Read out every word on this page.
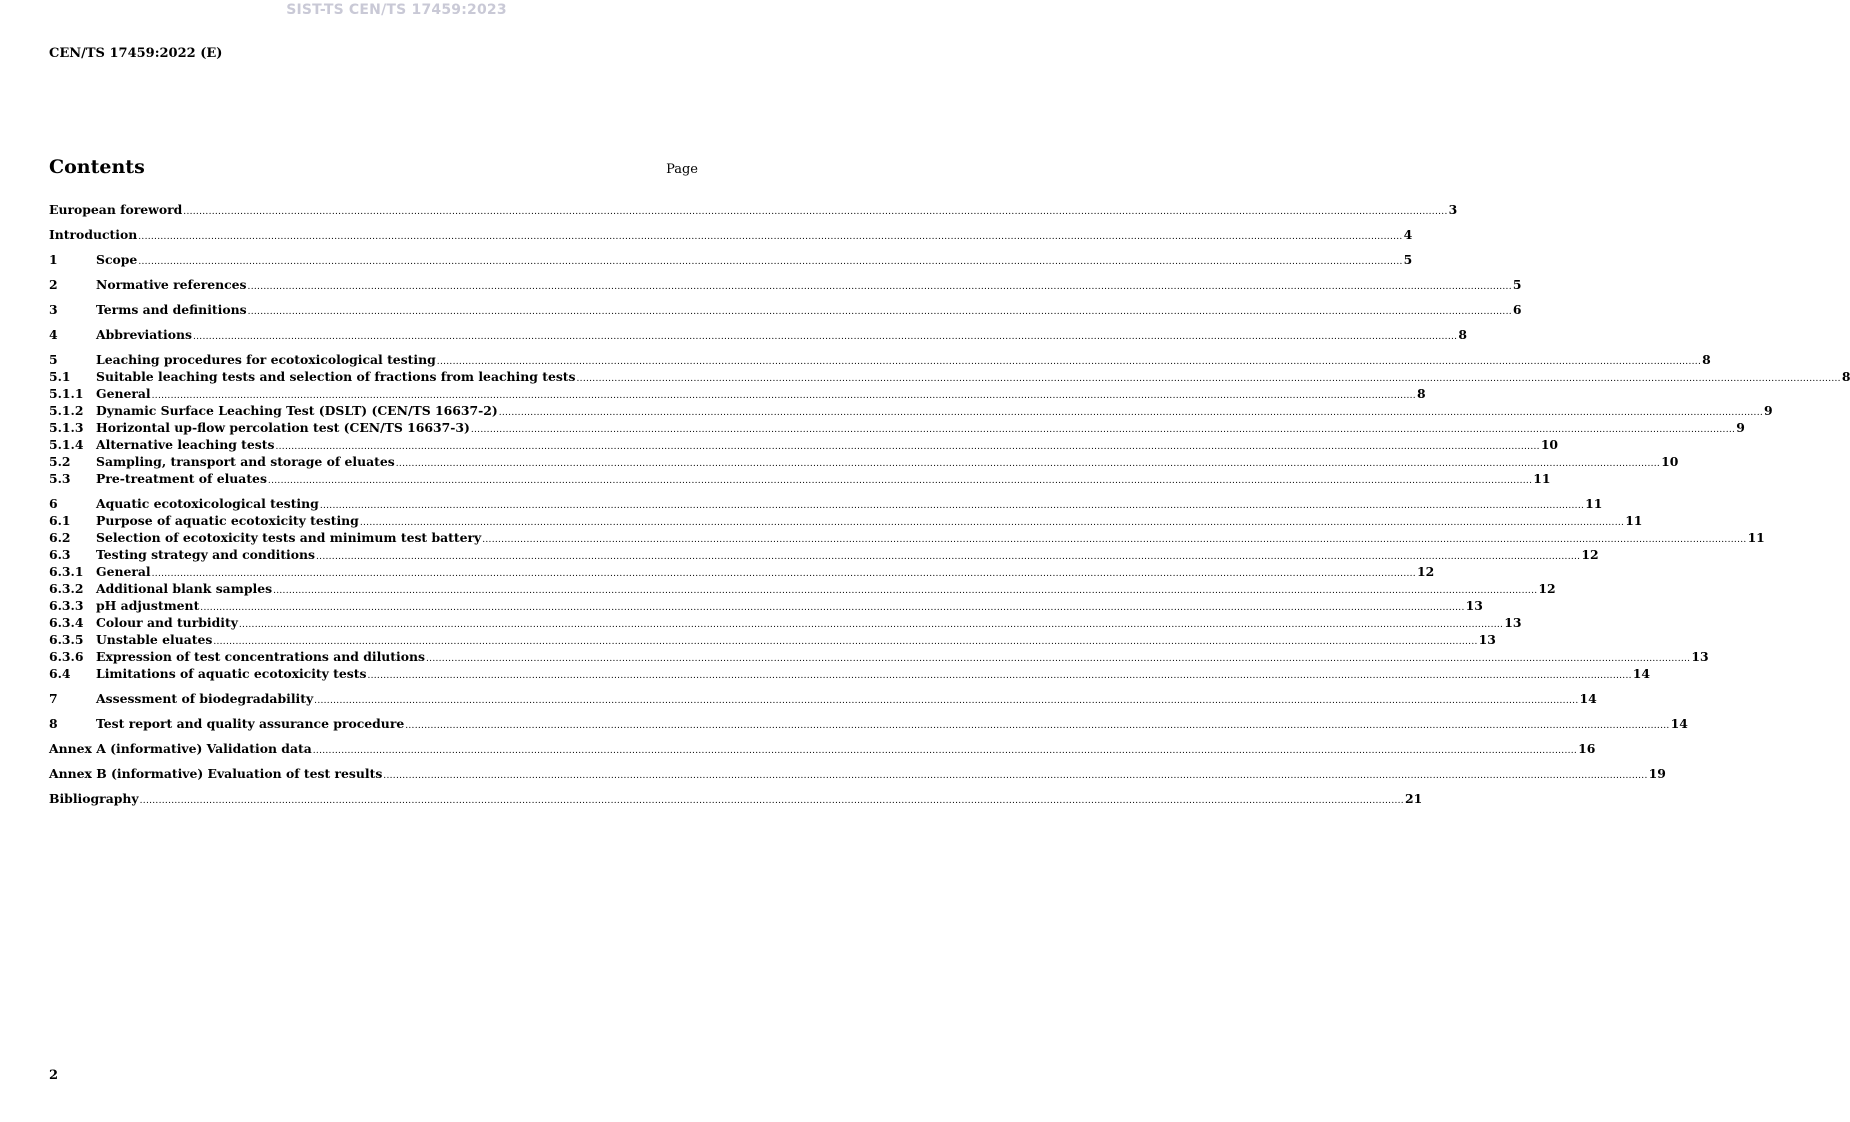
SIST-TS CEN/TS 17459:2023
CEN/TS 17459:2022 (E)
Contents	Page
European foreword ................................................................................................................................................................................................................................................................................................................................................................................................................ 3
Introduction ................................................................................................................................................................................................................................................................................................................................................................................................................ 4
1	Scope ................................................................................................................................................................................................................................................................................................................................................................................................................ 5
2	Normative references ................................................................................................................................................................................................................................................................................................................................................................................................................ 5
3	Terms and definitions ................................................................................................................................................................................................................................................................................................................................................................................................................ 6
4	Abbreviations ................................................................................................................................................................................................................................................................................................................................................................................................................ 8
5	Leaching procedures for ecotoxicological testing ................................................................................................................................................................................................................................................................................................................................................................................................................ 8
5.1	Suitable leaching tests and selection of fractions from leaching tests ................................................................................................................................................................................................................................................................................................................................................................................................................ 8
5.1.1	General ................................................................................................................................................................................................................................................................................................................................................................................................................ 8
5.1.2	Dynamic Surface Leaching Test (DSLT) (CEN/TS 16637-2) ................................................................................................................................................................................................................................................................................................................................................................................................................ 9
5.1.3	Horizontal up-flow percolation test (CEN/TS 16637-3) ................................................................................................................................................................................................................................................................................................................................................................................................................ 9
5.1.4	Alternative leaching tests ................................................................................................................................................................................................................................................................................................................................................................................................................ 10
5.2	Sampling, transport and storage of eluates ................................................................................................................................................................................................................................................................................................................................................................................................................ 10
5.3	Pre-treatment of eluates ................................................................................................................................................................................................................................................................................................................................................................................................................ 11
6	Aquatic ecotoxicological testing ................................................................................................................................................................................................................................................................................................................................................................................................................ 11
6.1	Purpose of aquatic ecotoxicity testing ................................................................................................................................................................................................................................................................................................................................................................................................................ 11
6.2	Selection of ecotoxicity tests and minimum test battery ................................................................................................................................................................................................................................................................................................................................................................................................................ 11
6.3	Testing strategy and conditions ................................................................................................................................................................................................................................................................................................................................................................................................................ 12
6.3.1	General ................................................................................................................................................................................................................................................................................................................................................................................................................ 12
6.3.2	Additional blank samples ................................................................................................................................................................................................................................................................................................................................................................................................................ 12
6.3.3	pH adjustment ................................................................................................................................................................................................................................................................................................................................................................................................................ 13
6.3.4	Colour and turbidity ................................................................................................................................................................................................................................................................................................................................................................................................................ 13
6.3.5	Unstable eluates ................................................................................................................................................................................................................................................................................................................................................................................................................ 13
6.3.6	Expression of test concentrations and dilutions ................................................................................................................................................................................................................................................................................................................................................................................................................ 13
6.4	Limitations of aquatic ecotoxicity tests ................................................................................................................................................................................................................................................................................................................................................................................................................ 14
7	Assessment of biodegradability ................................................................................................................................................................................................................................................................................................................................................................................................................ 14
8	Test report and quality assurance procedure ................................................................................................................................................................................................................................................................................................................................................................................................................ 14
Annex A (informative) Validation data ................................................................................................................................................................................................................................................................................................................................................................................................................ 16
Annex B (informative) Evaluation of test results ................................................................................................................................................................................................................................................................................................................................................................................................................ 19
Bibliography ................................................................................................................................................................................................................................................................................................................................................................................................................ 21
2
